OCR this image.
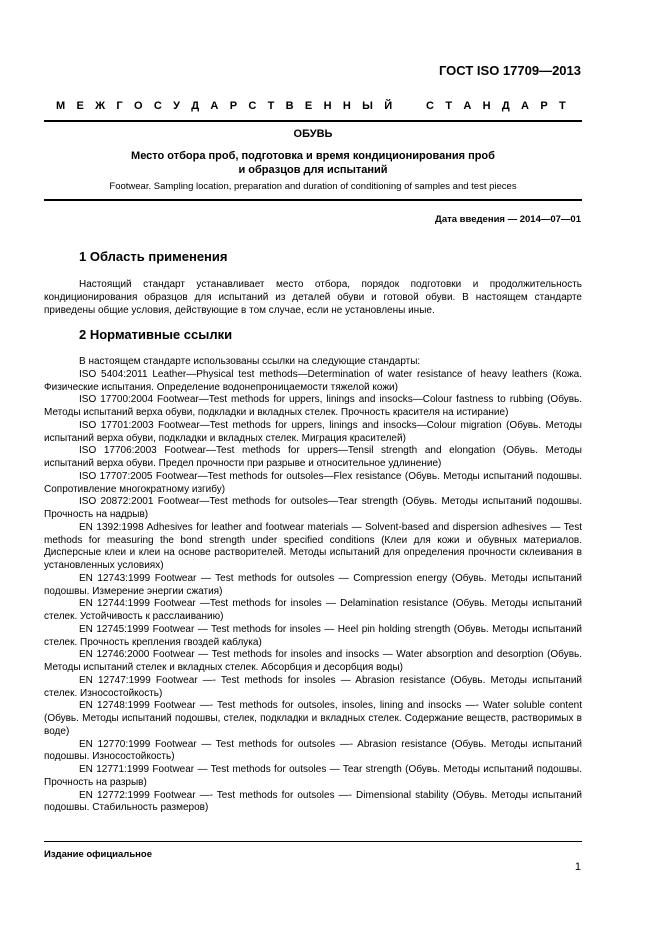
ГОСТ ISO 17709—2013
М Е Ж Г О С У Д А Р С Т В Е Н Н Ы Й	С Т А Н Д А Р Т
ОБУВЬ
Место отбора проб, подготовка и время кондиционирования проб
и образцов для испытаний
Footwear. Sampling location, preparation and duration of conditioning of samples and test pieces
Дата введения — 2014—07—01
1 Область применения

Настоящий стандарт устанавливает место отбора, порядок подготовки и продолжительность кондиционирования образцов для испытаний из деталей обуви и готовой обуви. В настоящем стандарте приведены общие условия, действующие в том случае, если не установлены иные.

2 Нормативные ссылки

В настоящем стандарте использованы ссылки на следующие стандарты:

ISO 5404:2011 Leather—Physical test methods—Determination of water resistance of heavy leathers (Кожа. Физические испытания. Определение водонепроницаемости тяжелой кожи)

ISO 17700:2004 Footwear—Test methods for uppers, linings and insocks—Colour fastness to rubbing (Обувь. Методы испытаний верха обуви, подкладки и вкладных стелек. Прочность красителя на истирание)

ISO 17701:2003 Footwear—Test methods for uppers, linings and insocks—Colour migration (Обувь. Методы испытаний верха обуви, подкладки и вкладных стелек. Миграция красителей)

ISO 17706:2003 Footwear—Test methods for uppers—Tensil strength and elongation (Обувь. Методы испытаний верха обуви. Предел прочности при разрыве и относительное удлинение)

ISO 17707:2005 Footwear—Test methods for outsoles—Flex resistance (Обувь. Методы испытаний подошвы. Сопротивление многократному изгибу)

ISO 20872:2001 Footwear—Test methods for outsoles—Tear strength (Обувь. Методы испытаний подошвы. Прочность на надрыв)

EN 1392:1998 Adhesives for leather and footwear materials — Solvent-based and dispersion adhesives — Test methods for measuring the bond strength under specified conditions (Клеи для кожи и обувных материалов. Дисперсные клеи и клеи на основе растворителей. Методы испытаний для определения прочности склеивания в установленных условиях)

EN 12743:1999 Footwear — Test methods for outsoles — Compression energy (Обувь. Методы испытаний подошвы. Измерение энергии сжатия)

EN 12744:1999 Footwear —Test methods for insoles — Delamination resistance (Обувь. Методы испытаний стелек. Устойчивость к расслаиванию)

EN 12745:1999 Footwear — Test methods for insoles — Heel pin holding strength (Обувь. Методы испытаний стелек. Прочность крепления гвоздей каблука)

EN 12746:2000 Footwear — Test methods for insoles and insocks — Water absorption and desorption (Обувь. Методы испытаний стелек и вкладных стелек. Абсорбция и десорбция воды)

EN 12747:1999 Footwear —- Test methods for insoles — Abrasion resistance (Обувь. Методы испытаний стелек. Износостойкость)

EN 12748:1999 Footwear —- Test methods for outsoles, insoles, lining and insocks —- Water soluble content (Обувь. Методы испытаний подошвы, стелек, подкладки и вкладных стелек. Содержание веществ, растворимых в воде)

EN 12770:1999 Footwear — Test methods for outsoles —- Abrasion resistance (Обувь. Методы испытаний подошвы. Износостойкость)

EN 12771:1999 Footwear — Test methods for outsoles — Tear strength (Обувь. Методы испытаний подошвы. Прочность на разрыв)

EN 12772:1999 Footwear —- Test methods for outsoles —- Dimensional stability (Обувь. Методы испытаний подошвы. Стабильность размеров)

Издание официальное
1
